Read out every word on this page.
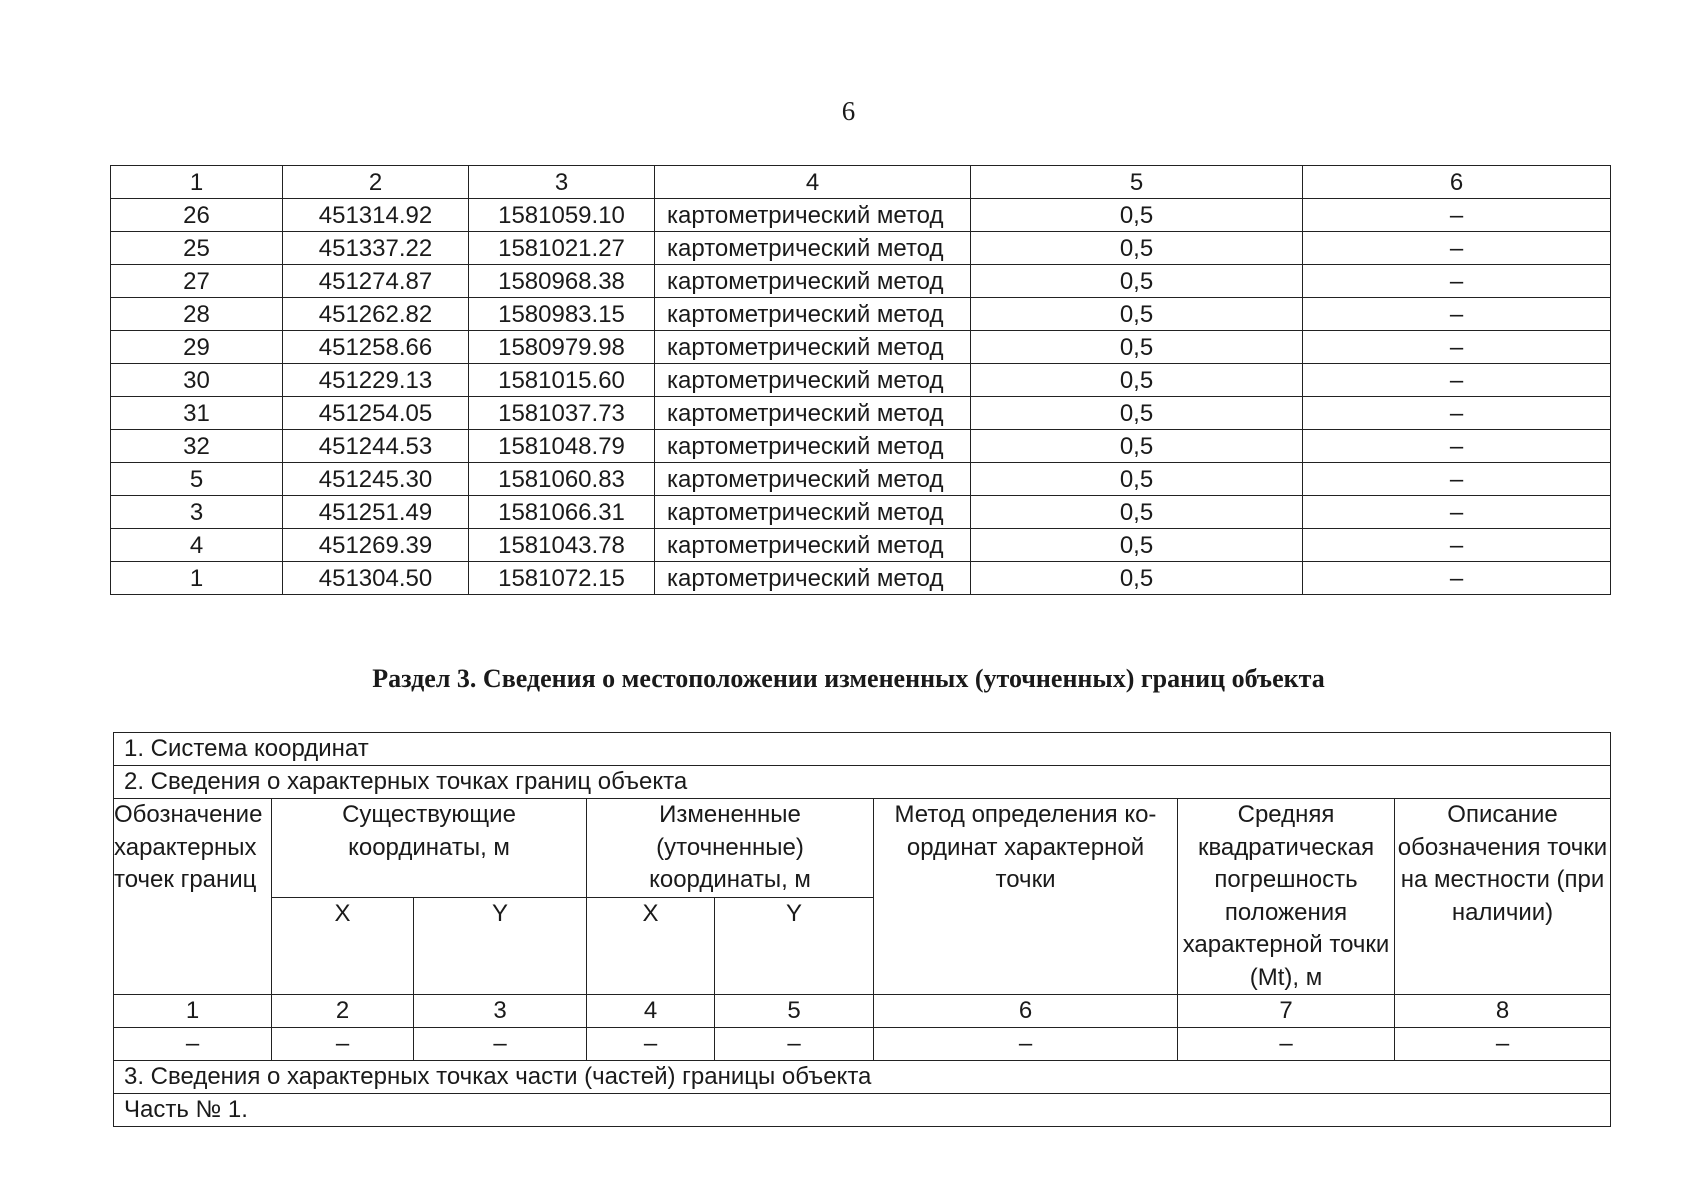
6
1	2	3	4	5	6
26	451314.92	1581059.10	картометрический метод	0,5	–
25	451337.22	1581021.27	картометрический метод	0,5	–
27	451274.87	1580968.38	картометрический метод	0,5	–
28	451262.82	1580983.15	картометрический метод	0,5	–
29	451258.66	1580979.98	картометрический метод	0,5	–
30	451229.13	1581015.60	картометрический метод	0,5	–
31	451254.05	1581037.73	картометрический метод	0,5	–
32	451244.53	1581048.79	картометрический метод	0,5	–
5	451245.30	1581060.83	картометрический метод	0,5	–
3	451251.49	1581066.31	картометрический метод	0,5	–
4	451269.39	1581043.78	картометрический метод	0,5	–
1	451304.50	1581072.15	картометрический метод	0,5	–
Раздел 3. Сведения о местоположении измененных (уточненных) границ объекта
1. Система координат							
2. Сведения о характерных точках границ объекта							
Обозначение характерных точек границ	Существующие координаты, м		Измененные (уточненные) координаты, м		Метод определения ко- ординат характерной точки	Средняя квадратическая погрешность положения характерной точки (Mt), м	Описание обозначения точки на местности (при наличии)
	X	Y	X	Y			
1	2	3	4	5	6	7	8
–	–	–	–	–	–	–	–
3. Сведения о характерных точках части (частей) границы объекта							
Часть № 1.							
